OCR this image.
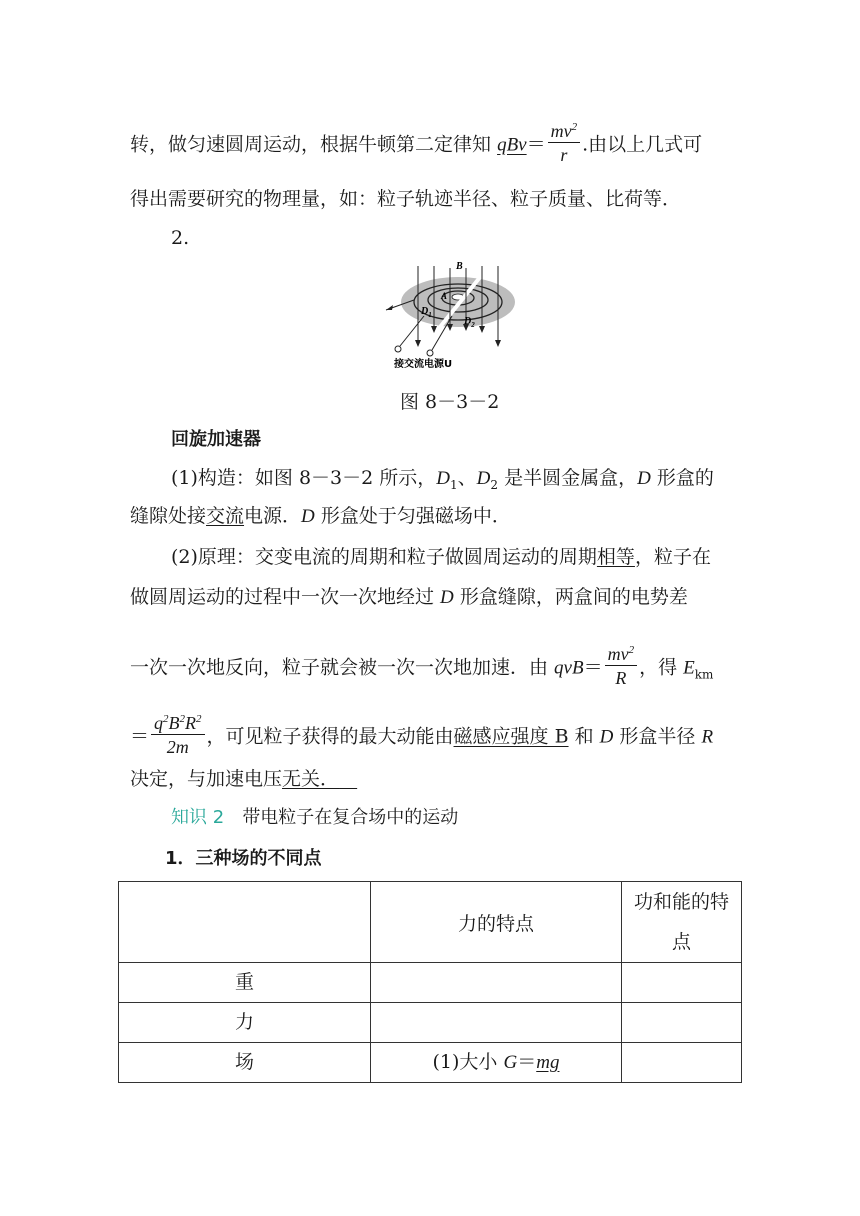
转，做匀速圆周运动，根据牛顿第二定律知 $qBv= \frac{mv^2}{r}$ .由以上几式可
得出需要研究的物理量，如：粒子轨迹半径、粒子质量、比荷等．
2.
B
A
$D_1$
$D_2$
接交流电源U
图 8－3－2
回旋加速器
(1)构造：如图 8－3－2 所示，$D_1$、$D_2$ 是半圆金属盒，D 形盒的
缝隙处接交流电源．D 形盒处于匀强磁场中．
(2)原理：交变电流的周期和粒子做圆周运动的周期相等，粒子在
做圆周运动的过程中一次一次地经过 D 形盒缝隙，两盒间的电势差
一次一次地反向，粒子就会被一次一次地加速．由 $qvB= \frac{mv^2}{R}$ ，得 $E_{km}$
＝ $\frac{q^2B^2R^2}{2m}$ ，可见粒子获得的最大动能由磁感应强度 B 和 D 形盒半径 R
决定，与加速电压无关．
知识 2 带电粒子在复合场中的运动
1．三种场的不同点
	力的特点	功和能的特
点
重		
力		
场	(1)大小 G＝mg	
